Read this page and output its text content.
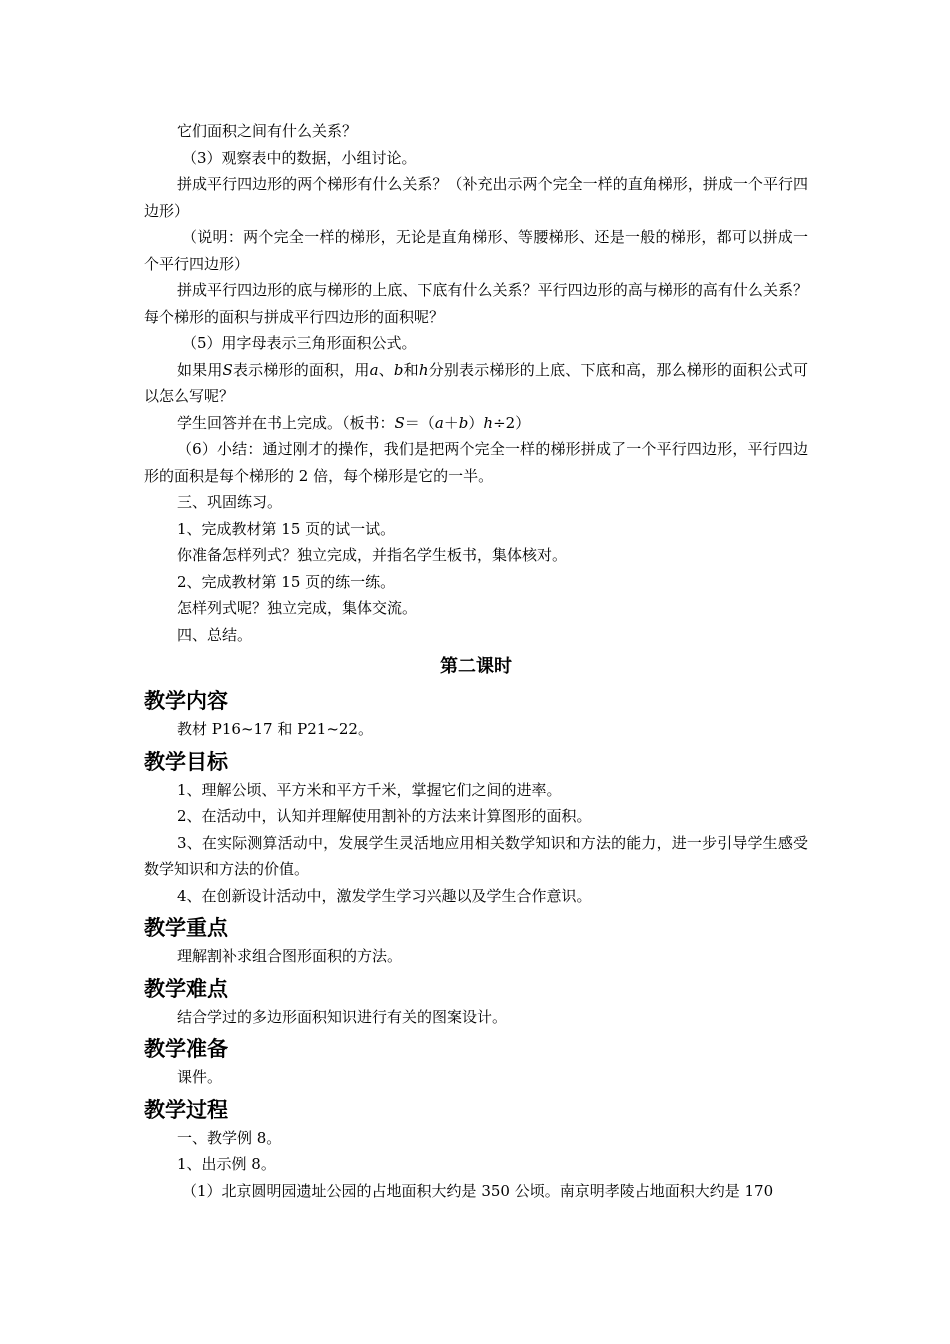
它们面积之间有什么关系？

（3）观察表中的数据，小组讨论。

拼成平行四边形的两个梯形有什么关系？（补充出示两个完全一样的直角梯形，拼成一个平行四边形）

（说明：两个完全一样的梯形，无论是直角梯形、等腰梯形、还是一般的梯形，都可以拼成一个平行四边形）

拼成平行四边形的底与梯形的上底、下底有什么关系？平行四边形的高与梯形的高有什么关系？每个梯形的面积与拼成平行四边形的面积呢？

（5）用字母表示三角形面积公式。

如果用S表示梯形的面积，用a、b和h分别表示梯形的上底、下底和高，那么梯形的面积公式可以怎么写呢？

学生回答并在书上完成。（板书：S＝（a＋b）h÷2）

（6）小结：通过刚才的操作，我们是把两个完全一样的梯形拼成了一个平行四边形，平行四边形的面积是每个梯形的 2 倍，每个梯形是它的一半。

三、巩固练习。

1、完成教材第 15 页的试一试。

你准备怎样列式？独立完成，并指名学生板书，集体核对。

2、完成教材第 15 页的练一练。

怎样列式呢？独立完成，集体交流。

四、总结。

第二课时
教学内容

教材 P16~17 和 P21~22。

教学目标

1、理解公顷、平方米和平方千米，掌握它们之间的进率。

2、在活动中，认知并理解使用割补的方法来计算图形的面积。

3、在实际测算活动中，发展学生灵活地应用相关数学知识和方法的能力，进一步引导学生感受数学知识和方法的价值。

4、在创新设计活动中，激发学生学习兴趣以及学生合作意识。

教学重点

理解割补求组合图形面积的方法。

教学难点

结合学过的多边形面积知识进行有关的图案设计。

教学准备

课件。

教学过程

一、教学例 8。

1、出示例 8。

（1）北京圆明园遗址公园的占地面积大约是 350 公顷。南京明孝陵占地面积大约是 170
